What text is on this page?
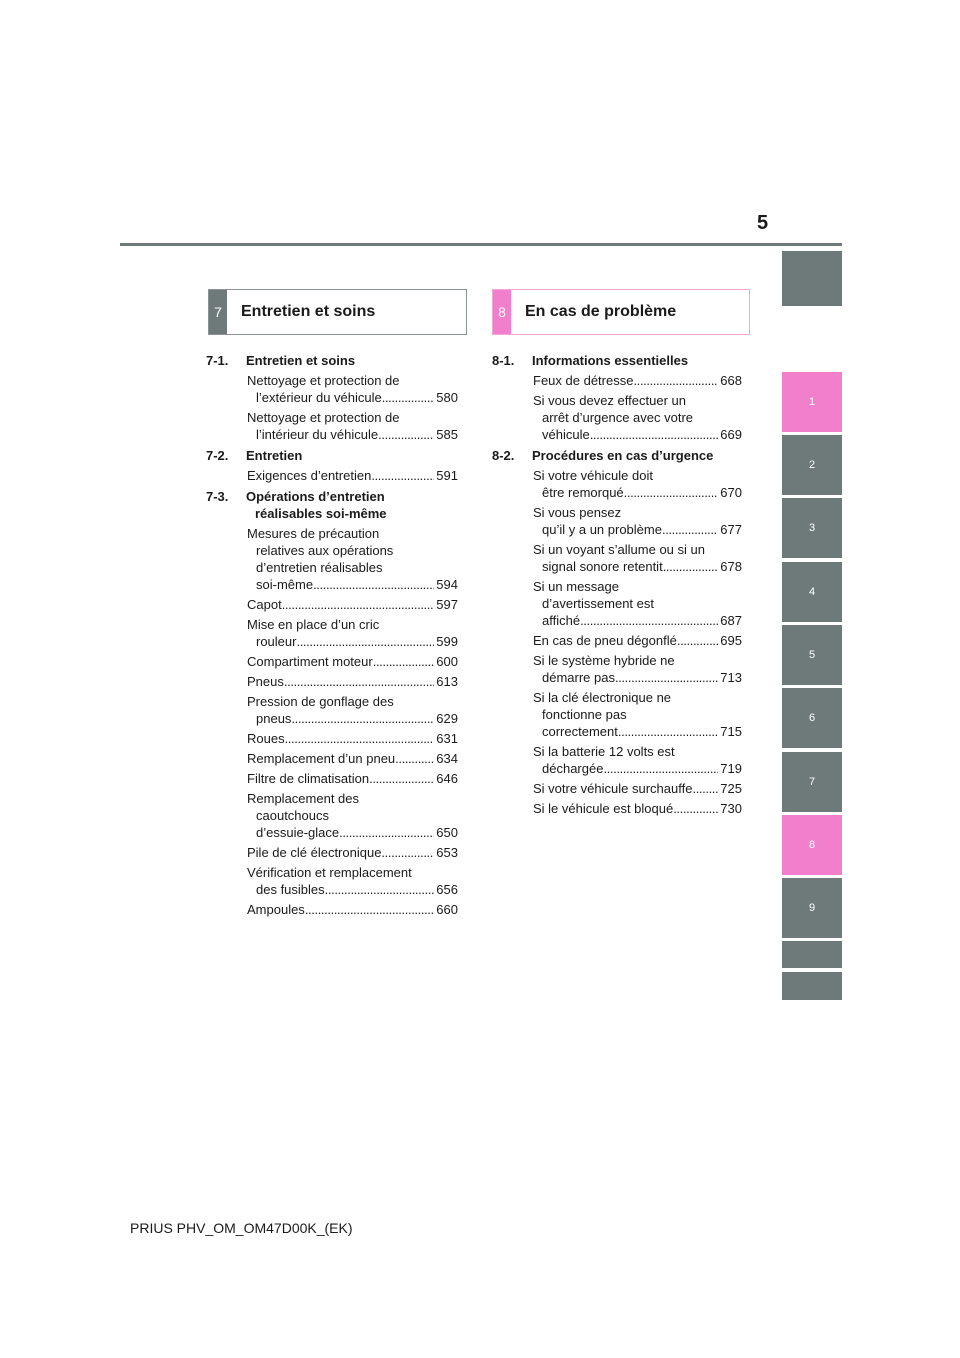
5
7	Entretien et soins	8	En cas de problème
7-1. Entretien et soins
Nettoyage et protection de
l’extérieur du véhicule . . .	580
Nettoyage et protection de
l’intérieur du véhicule . . .	585
7-2. Entretien
Exigences d’entretien . . .	591
7-3. Opérations d’entretien
réalisables soi-même
Mesures de précaution
relatives aux opérations
d’entretien réalisables
soi-même . . .	594
Capot . . .	597
Mise en place d’un cric
rouleur . . .	599
Compartiment moteur . . .	600
Pneus . . .	613
Pression de gonflage des
pneus . . .	629
Roues . . .	631
Remplacement d’un pneu . . .	634
Filtre de climatisation . . .	646
Remplacement des
caoutchoucs
d’essuie-glace . . .	650
Pile de clé électronique . . .	653
Vérification et remplacement
des fusibles . . .	656
Ampoules . . .	660
8-1. Informations essentielles
Feux de détresse . . .	668
Si vous devez effectuer un
arrêt d’urgence avec votre
véhicule . . .	669
8-2. Procédures en cas d’urgence
Si votre véhicule doit
être remorqué . . .	670
Si vous pensez
qu’il y a un problème . . .	677
Si un voyant s’allume ou si un
signal sonore retentit . . .	678
Si un message
d’avertissement est
affiché . . .	687
En cas de pneu dégonflé . . .	695
Si le système hybride ne
démarre pas . . .	713
Si la clé électronique ne
fonctionne pas
correctement . . .	715
Si la batterie 12 volts est
déchargée . . .	719
Si votre véhicule surchauffe . . . 725
Si le véhicule est bloqué . . .	730
1
2
3
4
5
6
7
8
9
PRIUS PHV_OM_OM47D00K_(EK)
